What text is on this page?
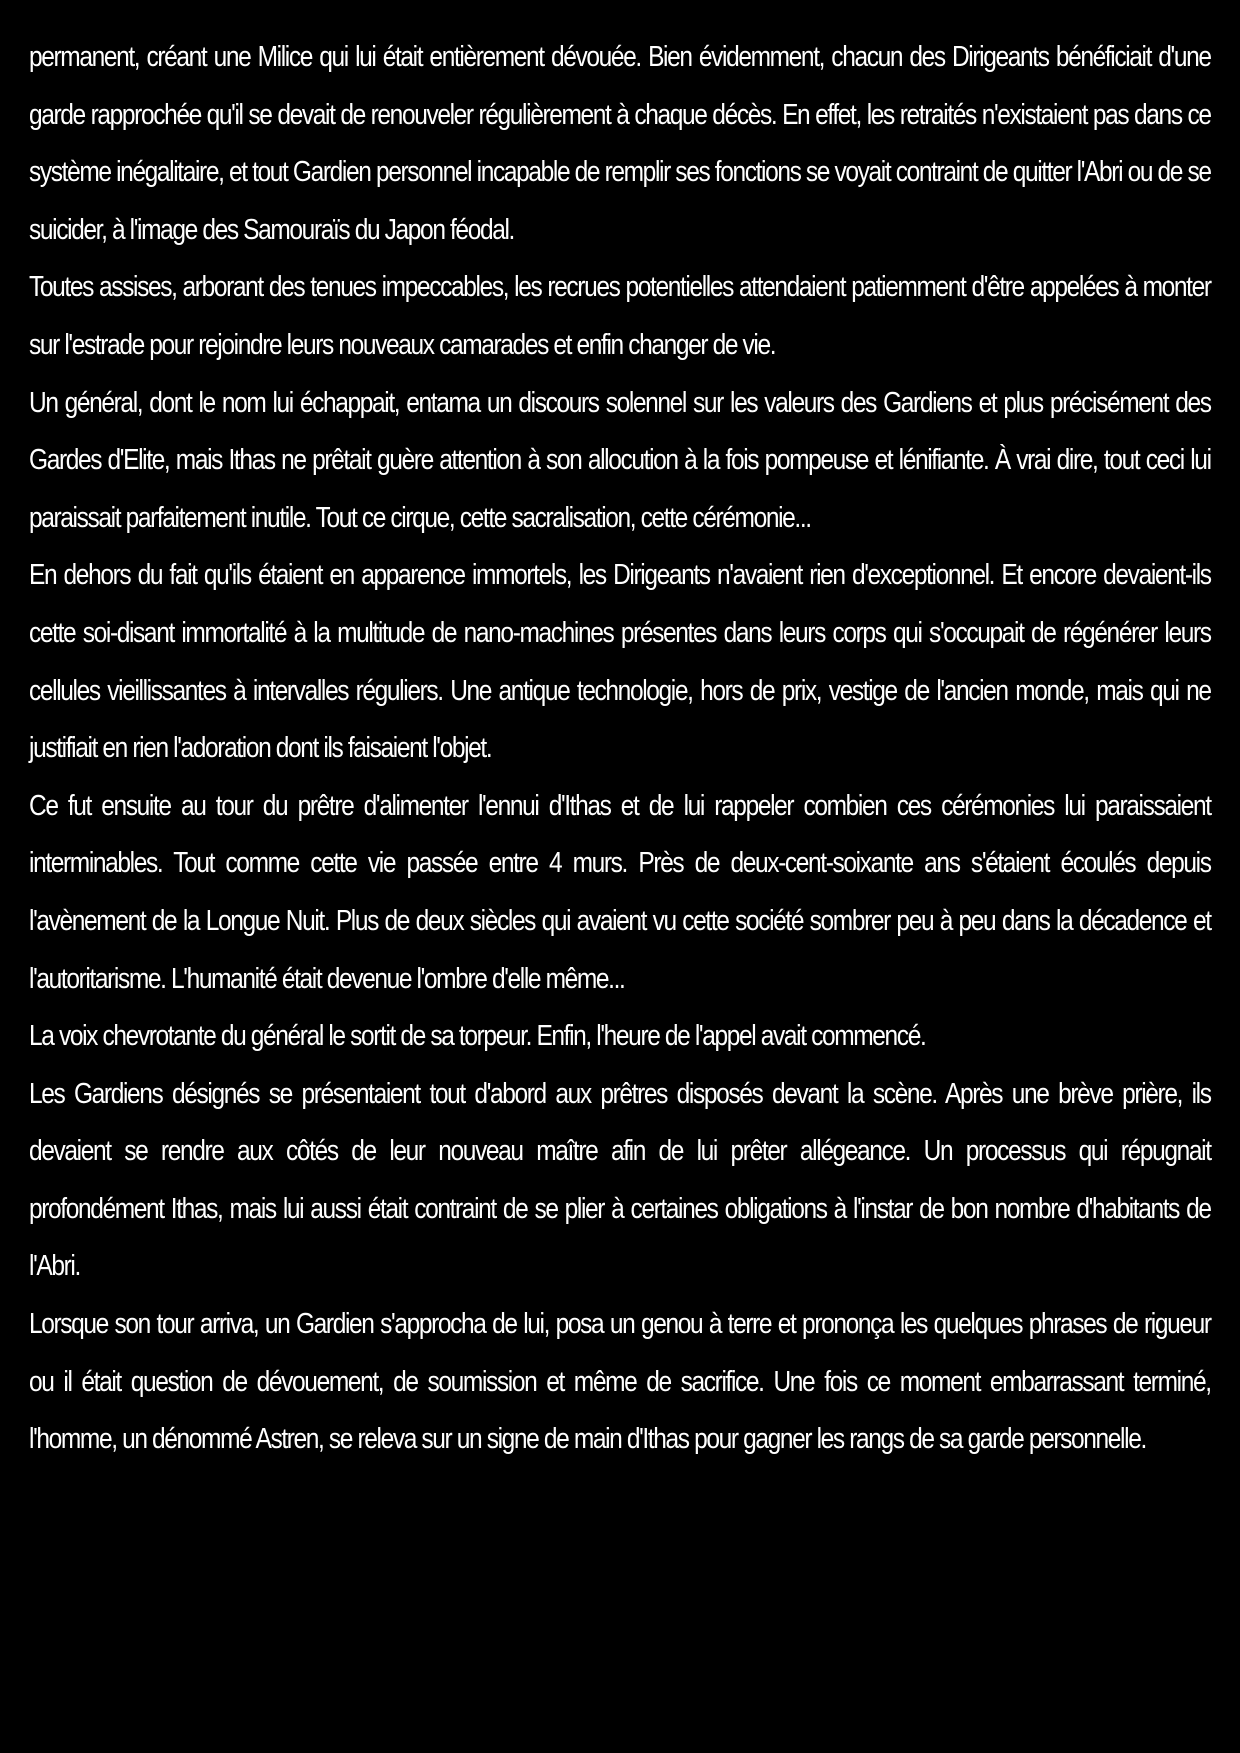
permanent, créant une Milice qui lui était entièrement dévouée. Bien évidemment, chacun des Dirigeants bénéficiait d'une garde rapprochée qu'il se devait de renouveler régulièrement à chaque décès. En effet, les retraités n'existaient pas dans ce système inégalitaire, et tout Gardien personnel incapable de remplir ses fonctions se voyait contraint de quitter l'Abri ou de se suicider, à l'image des Samouraïs du Japon féodal.

Toutes assises, arborant des tenues impeccables, les recrues potentielles attendaient patiemment d'être appelées à monter sur l'estrade pour rejoindre leurs nouveaux camarades et enfin changer de vie.

Un général, dont le nom lui échappait, entama un discours solennel sur les valeurs des Gardiens et plus précisément des Gardes d'Elite, mais Ithas ne prêtait guère attention à son allocution à la fois pompeuse et lénifiante. À vrai dire, tout ceci lui paraissait parfaitement inutile. Tout ce cirque, cette sacralisation, cette cérémonie...

En dehors du fait qu'ils étaient en apparence immortels, les Dirigeants n'avaient rien d'exceptionnel. Et encore devaient-ils cette soi-disant immortalité à la multitude de nano-machines présentes dans leurs corps qui s'occupait de régénérer leurs cellules vieillissantes à intervalles réguliers. Une antique technologie, hors de prix, vestige de l'ancien monde, mais qui ne justifiait en rien l'adoration dont ils faisaient l'objet.

Ce fut ensuite au tour du prêtre d'alimenter l'ennui d'Ithas et de lui rappeler combien ces cérémonies lui paraissaient interminables. Tout comme cette vie passée entre 4 murs. Près de deux-cent-soixante ans s'étaient écoulés depuis l'avènement de la Longue Nuit. Plus de deux siècles qui avaient vu cette société sombrer peu à peu dans la décadence et l'autoritarisme. L'humanité était devenue l'ombre d'elle même...

La voix chevrotante du général le sortit de sa torpeur. Enfin, l'heure de l'appel avait commencé.

Les Gardiens désignés se présentaient tout d'abord aux prêtres disposés devant la scène. Après une brève prière, ils devaient se rendre aux côtés de leur nouveau maître afin de lui prêter allégeance. Un processus qui répugnait profondément Ithas, mais lui aussi était contraint de se plier à certaines obligations à l'instar de bon nombre d'habitants de l'Abri.

Lorsque son tour arriva, un Gardien s'approcha de lui, posa un genou à terre et prononça les quelques phrases de rigueur ou il était question de dévouement, de soumission et même de sacrifice. Une fois ce moment embarrassant terminé, l'homme, un dénommé Astren, se releva sur un signe de main d'Ithas pour gagner les rangs de sa garde personnelle.
